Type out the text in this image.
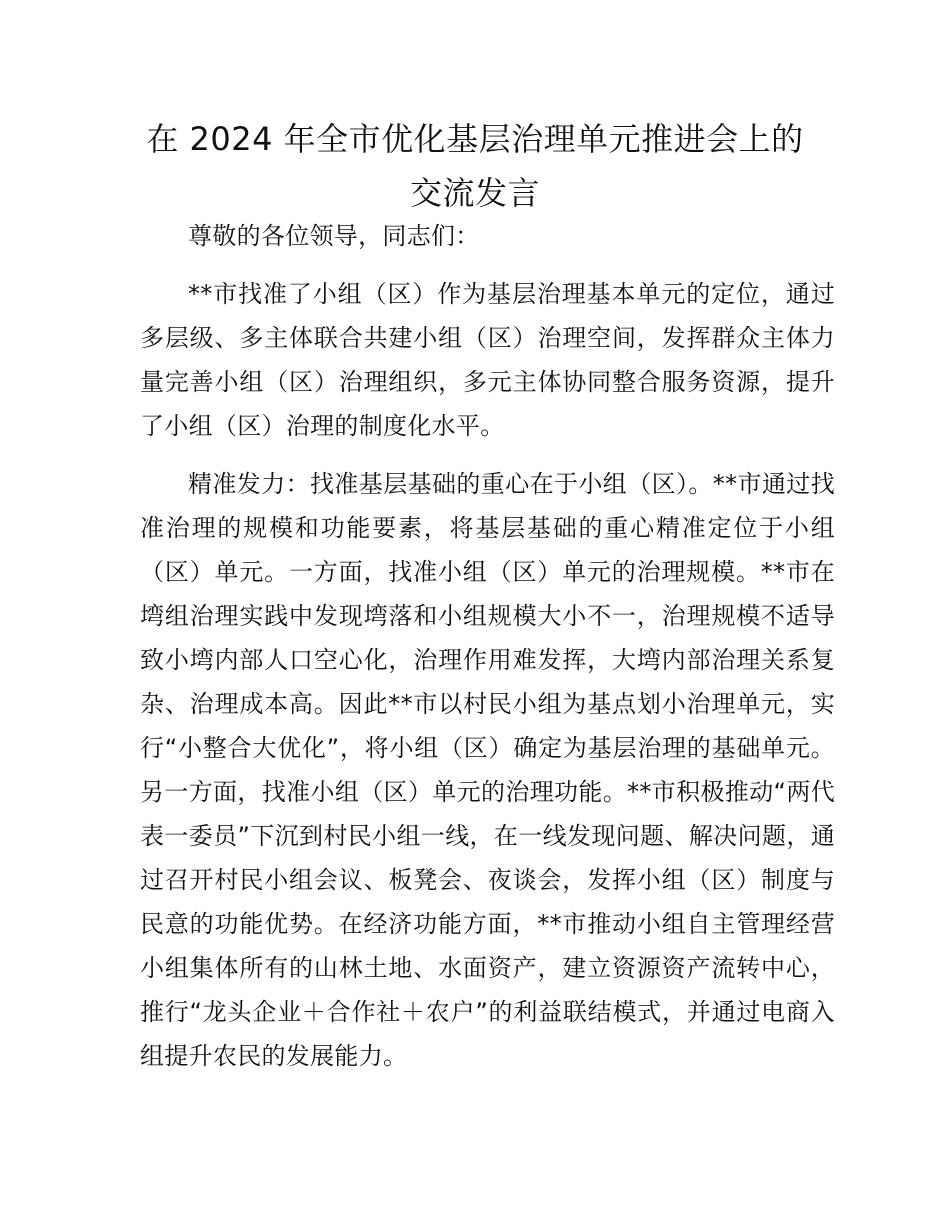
在 2024 年全市优化基层治理单元推进会上的
交流发言

尊敬的各位领导，同志们：

**市找准了小组（区）作为基层治理基本单元的定位，通过多层级、多主体联合共建小组（区）治理空间，发挥群众主体力量完善小组（区）治理组织，多元主体协同整合服务资源，提升了小组（区）治理的制度化水平。

精准发力：找准基层基础的重心在于小组（区）。**市通过找准治理的规模和功能要素，将基层基础的重心精准定位于小组（区）单元。一方面，找准小组（区）单元的治理规模。**市在塆组治理实践中发现塆落和小组规模大小不一，治理规模不适导致小塆内部人口空心化，治理作用难发挥，大塆内部治理关系复杂、治理成本高。因此**市以村民小组为基点划小治理单元，实行“小整合大优化”，将小组（区）确定为基层治理的基础单元。另一方面，找准小组（区）单元的治理功能。**市积极推动“两代表一委员”下沉到村民小组一线，在一线发现问题、解决问题，通过召开村民小组会议、板凳会、夜谈会，发挥小组（区）制度与民意的功能优势。在经济功能方面，**市推动小组自主管理经营小组集体所有的山林土地、水面资产，建立资源资产流转中心，推行“龙头企业＋合作社＋农户”的利益联结模式，并通过电商入组提升农民的发展能力。
